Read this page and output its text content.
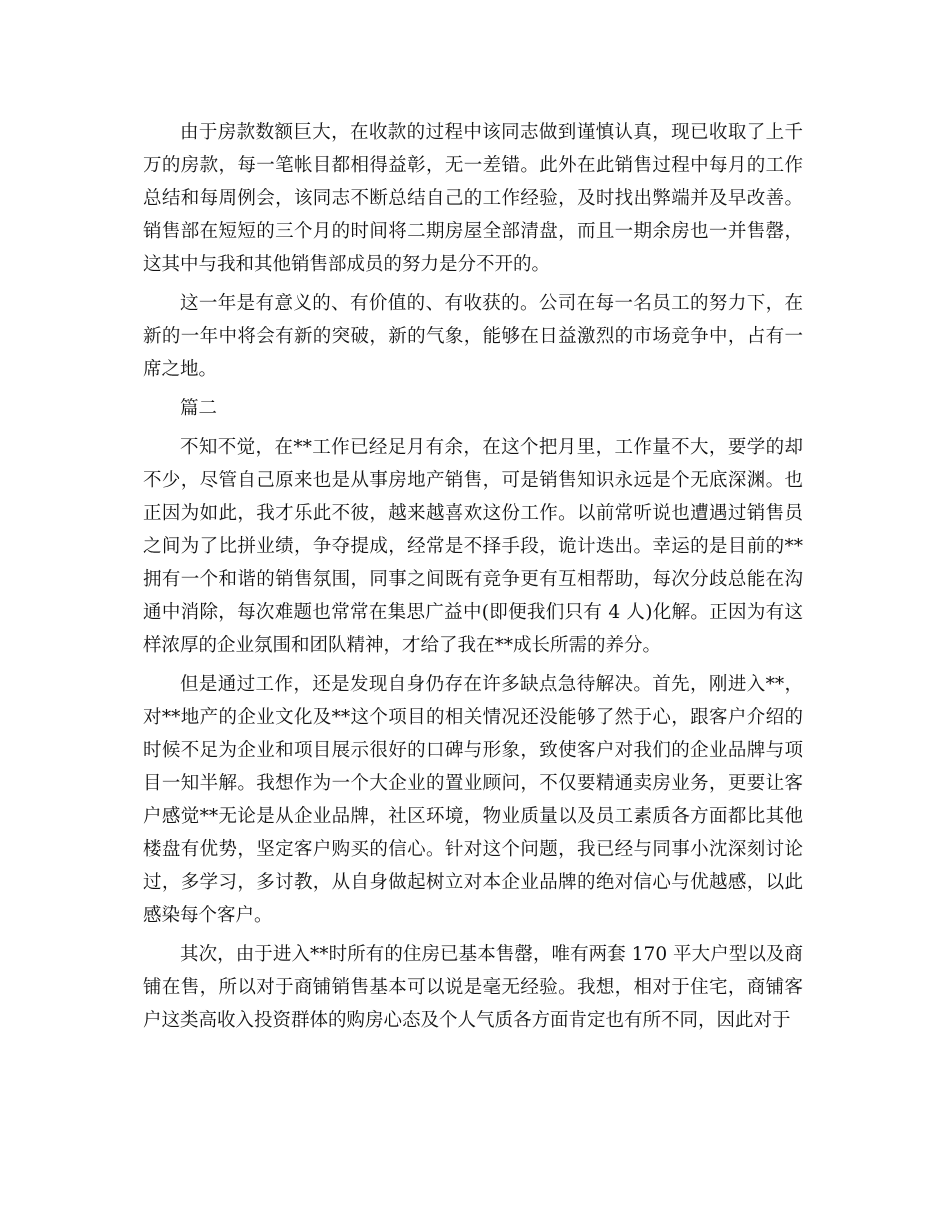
由于房款数额巨大，在收款的过程中该同志做到谨慎认真，现已收取了上千
万的房款，每一笔帐目都相得益彰，无一差错。此外在此销售过程中每月的工作
总结和每周例会，该同志不断总结自己的工作经验，及时找出弊端并及早改善。
销售部在短短的三个月的时间将二期房屋全部清盘，而且一期余房也一并售罄，
这其中与我和其他销售部成员的努力是分不开的。
这一年是有意义的、有价值的、有收获的。公司在每一名员工的努力下，在
新的一年中将会有新的突破，新的气象，能够在日益激烈的市场竞争中，占有一
席之地。
篇二
不知不觉，在**工作已经足月有余，在这个把月里，工作量不大，要学的却
不少，尽管自己原来也是从事房地产销售，可是销售知识永远是个无底深渊。也
正因为如此，我才乐此不彼，越来越喜欢这份工作。以前常听说也遭遇过销售员
之间为了比拼业绩，争夺提成，经常是不择手段，诡计迭出。幸运的是目前的**
拥有一个和谐的销售氛围，同事之间既有竞争更有互相帮助，每次分歧总能在沟
通中消除，每次难题也常常在集思广益中(即便我们只有 4 人)化解。正因为有这
样浓厚的企业氛围和团队精神，才给了我在**成长所需的养分。
但是通过工作，还是发现自身仍存在许多缺点急待解决。首先，刚进入**，
对**地产的企业文化及**这个项目的相关情况还没能够了然于心，跟客户介绍的
时候不足为企业和项目展示很好的口碑与形象，致使客户对我们的企业品牌与项
目一知半解。我想作为一个大企业的置业顾问，不仅要精通卖房业务，更要让客
户感觉**无论是从企业品牌，社区环境，物业质量以及员工素质各方面都比其他
楼盘有优势，坚定客户购买的信心。针对这个问题，我已经与同事小沈深刻讨论
过，多学习，多讨教，从自身做起树立对本企业品牌的绝对信心与优越感，以此
感染每个客户。
其次，由于进入**时所有的住房已基本售罄，唯有两套 170 平大户型以及商
铺在售，所以对于商铺销售基本可以说是毫无经验。我想，相对于住宅，商铺客
户这类高收入投资群体的购房心态及个人气质各方面肯定也有所不同，因此对于
